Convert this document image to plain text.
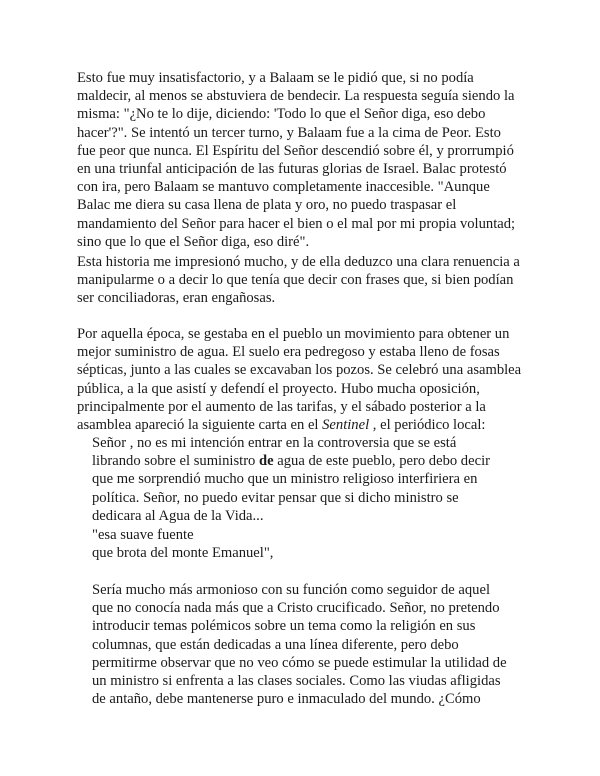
Esto fue muy insatisfactorio, y a Balaam se le pidió que, si no podía
maldecir, al menos se abstuviera de bendecir. La respuesta seguía siendo la
misma: "¿No te lo dije, diciendo: 'Todo lo que el Señor diga, eso debo
hacer'?". Se intentó un tercer turno, y Balaam fue a la cima de Peor. Esto
fue peor que nunca. El Espíritu del Señor descendió sobre él, y prorrumpió
en una triunfal anticipación de las futuras glorias de Israel. Balac protestó
con ira, pero Balaam se mantuvo completamente inaccesible. "Aunque
Balac me diera su casa llena de plata y oro, no puedo traspasar el
mandamiento del Señor para hacer el bien o el mal por mi propia voluntad;
sino que lo que el Señor diga, eso diré".

Esta historia me impresionó mucho, y de ella deduzco una clara renuencia a
manipularme o a decir lo que tenía que decir con frases que, si bien podían
ser conciliadoras, eran engañosas.

Por aquella época, se gestaba en el pueblo un movimiento para obtener un
mejor suministro de agua. El suelo era pedregoso y estaba lleno de fosas
sépticas, junto a las cuales se excavaban los pozos. Se celebró una asamblea
pública, a la que asistí y defendí el proyecto. Hubo mucha oposición,
principalmente por el aumento de las tarifas, y el sábado posterior a la
asamblea apareció la siguiente carta en el Sentinel , el periódico local:

Señor , no es mi intención entrar en la controversia que se está
librando sobre el suministro de agua de este pueblo, pero debo decir
que me sorprendió mucho que un ministro religioso interfiriera en
política. Señor, no puedo evitar pensar que si dicho ministro se
dedicara al Agua de la Vida...

"esa suave fuente
que brota del monte Emanuel",

Sería mucho más armonioso con su función como seguidor de aquel
que no conocía nada más que a Cristo crucificado. Señor, no pretendo
introducir temas polémicos sobre un tema como la religión en sus
columnas, que están dedicadas a una línea diferente, pero debo
permitirme observar que no veo cómo se puede estimular la utilidad de
un ministro si enfrenta a las clases sociales. Como las viudas afligidas
de antaño, debe mantenerse puro e inmaculado del mundo. ¿Cómo
